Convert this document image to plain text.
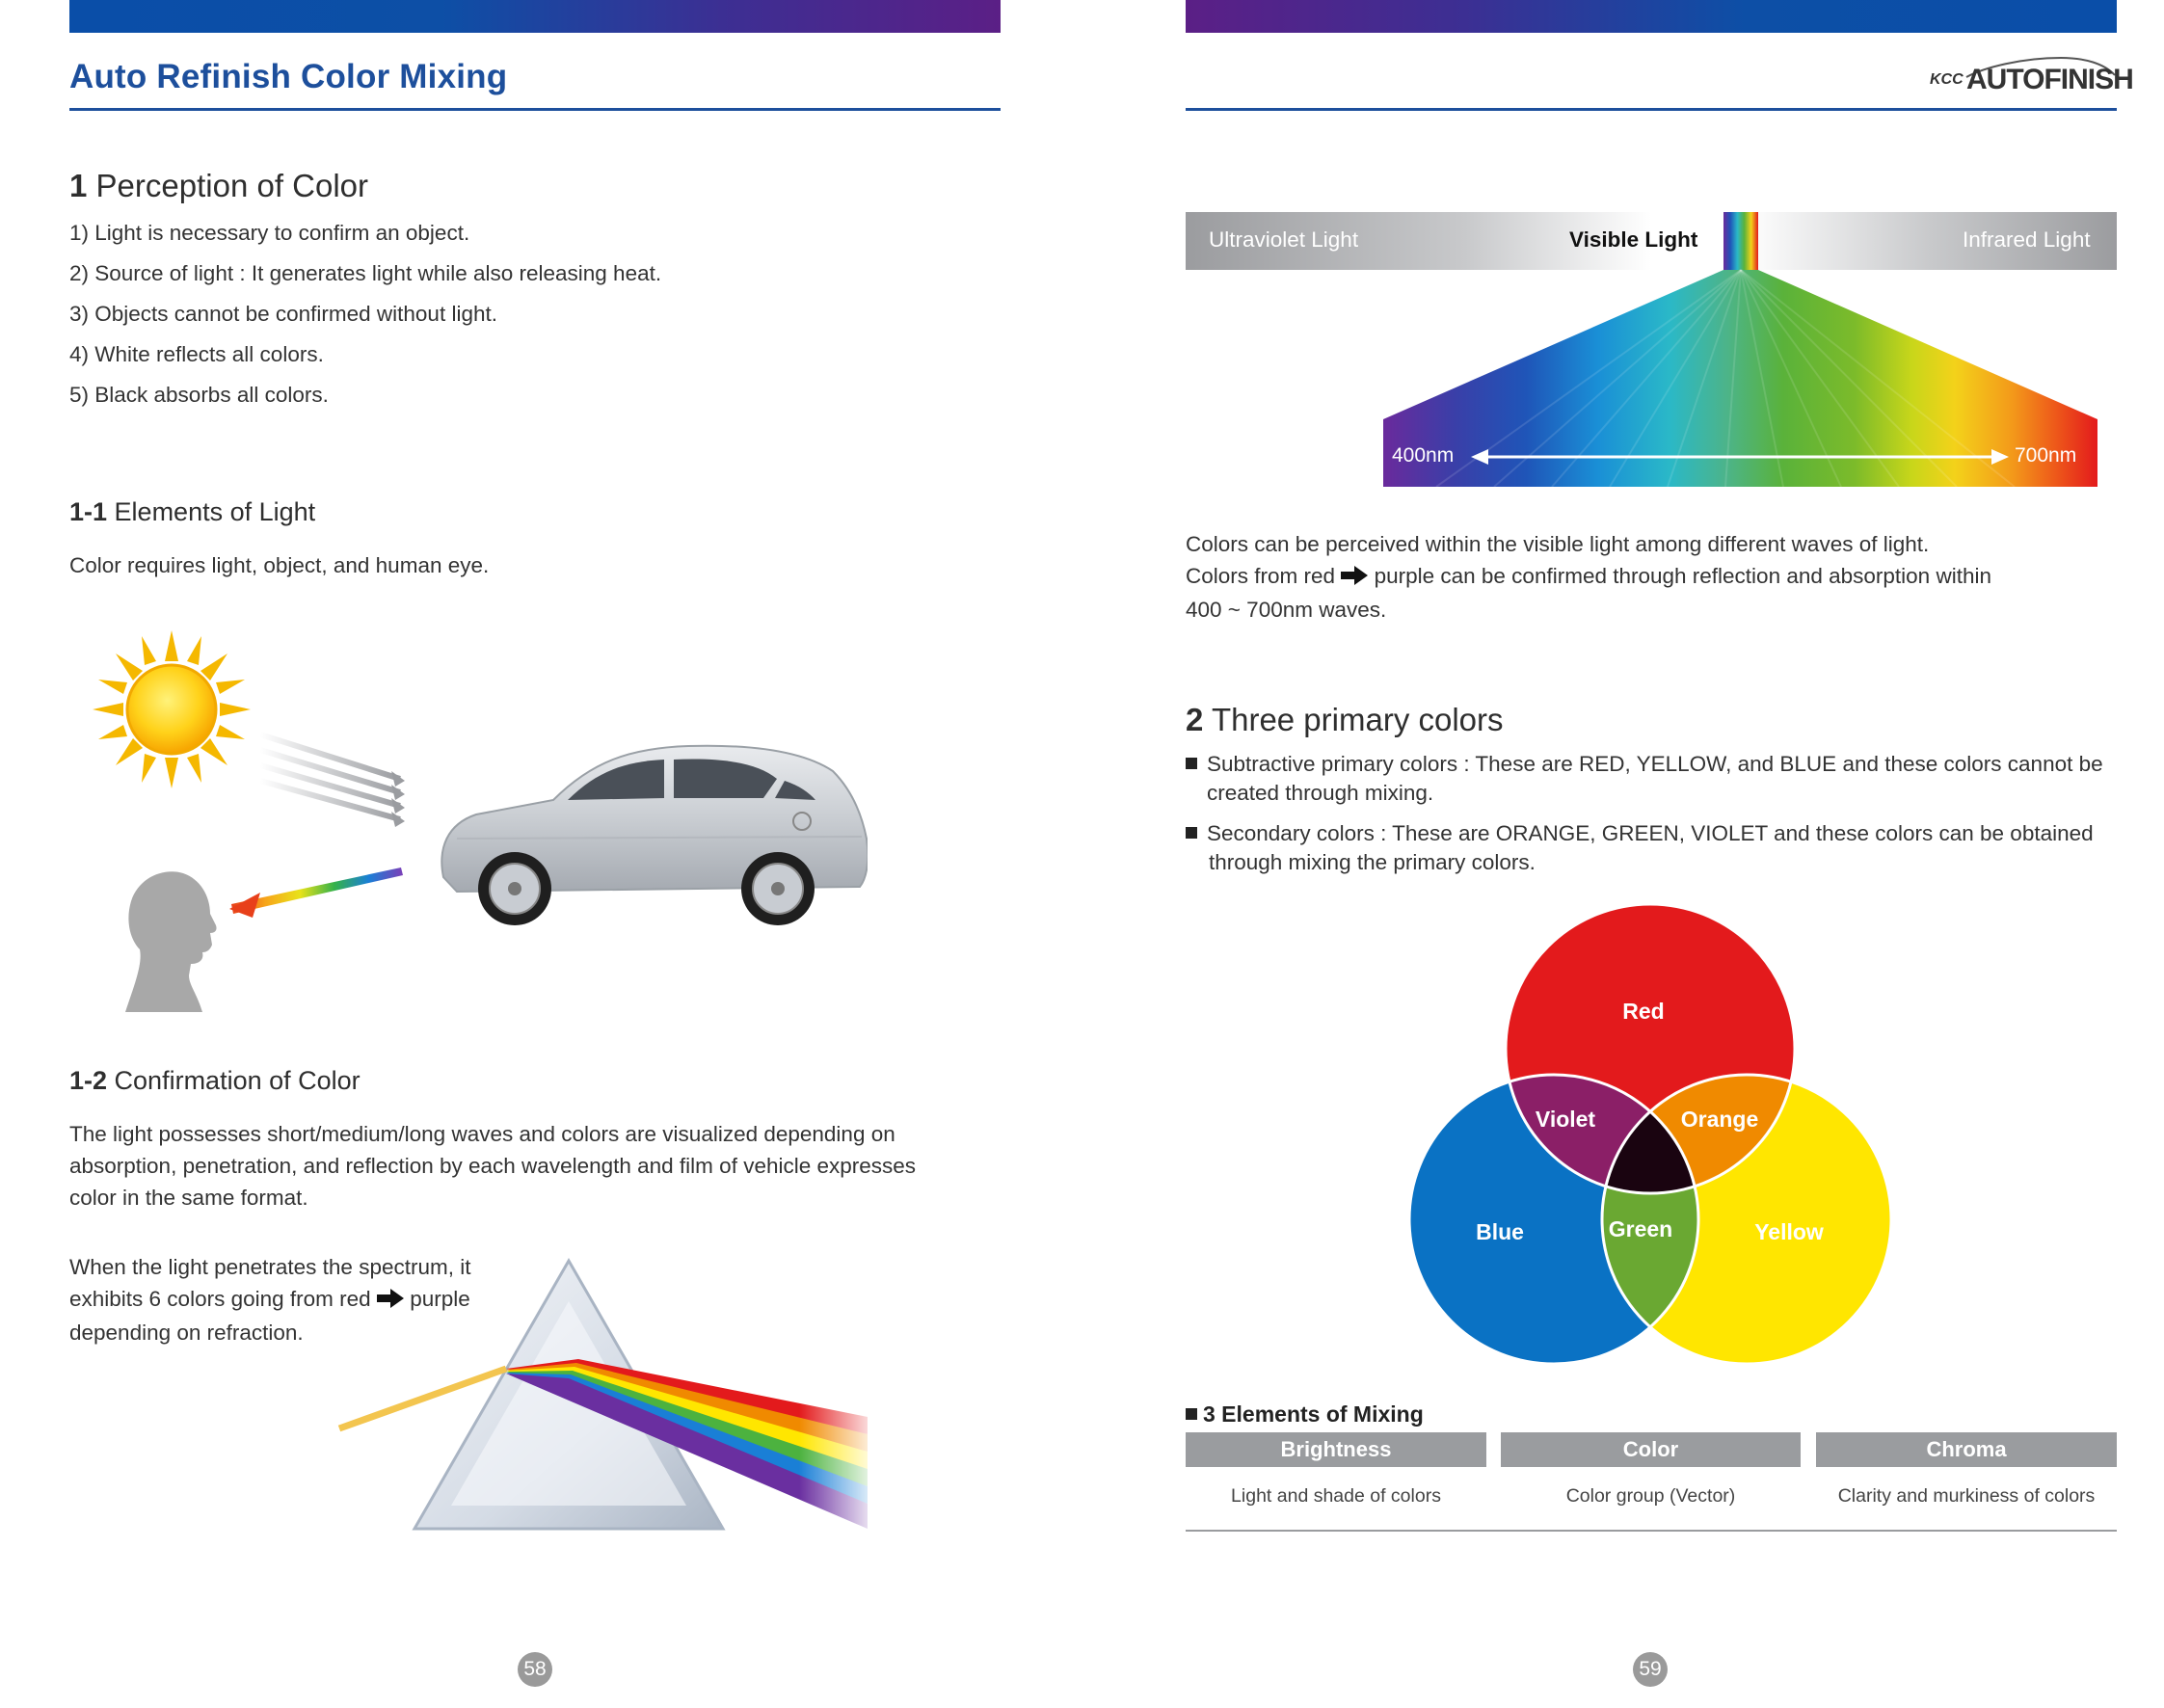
Auto Refinish Color Mixing
1 Perception of Color
1) Light is necessary to confirm an object.
2) Source of light : It generates light while also releasing heat.
3) Objects cannot be confirmed without light.
4) White reflects all colors.
5) Black absorbs all colors.
1-1 Elements of Light
Color requires light, object, and human eye.
1-2 Confirmation of Color
The light possesses short/medium/long waves and colors are visualized depending on
absorption, penetration, and reflection by each wavelength and film of vehicle expresses
color in the same format.
When the light penetrates the spectrum, it
exhibits 6 colors going from red purple
depending on refraction.
58
KCC AUTOFINISH
Ultraviolet Light	Visible Light	Infrared Light
400nm	700nm
Colors can be perceived within the visible light among different waves of light.
Colors from red purple can be confirmed through reflection and absorption within
400 ~ 700nm waves.
2 Three primary colors
Subtractive primary colors : These are RED, YELLOW, and BLUE and these colors cannot be
created through mixing.
Secondary colors : These are ORANGE, GREEN, VIOLET and these colors can be obtained
through mixing the primary colors.
Red
Violet	Orange
Blue	Green	Yellow
3 Elements of Mixing
Brightness	Color	Chroma
Light and shade of colors	Color group (Vector)	Clarity and murkiness of colors
59
